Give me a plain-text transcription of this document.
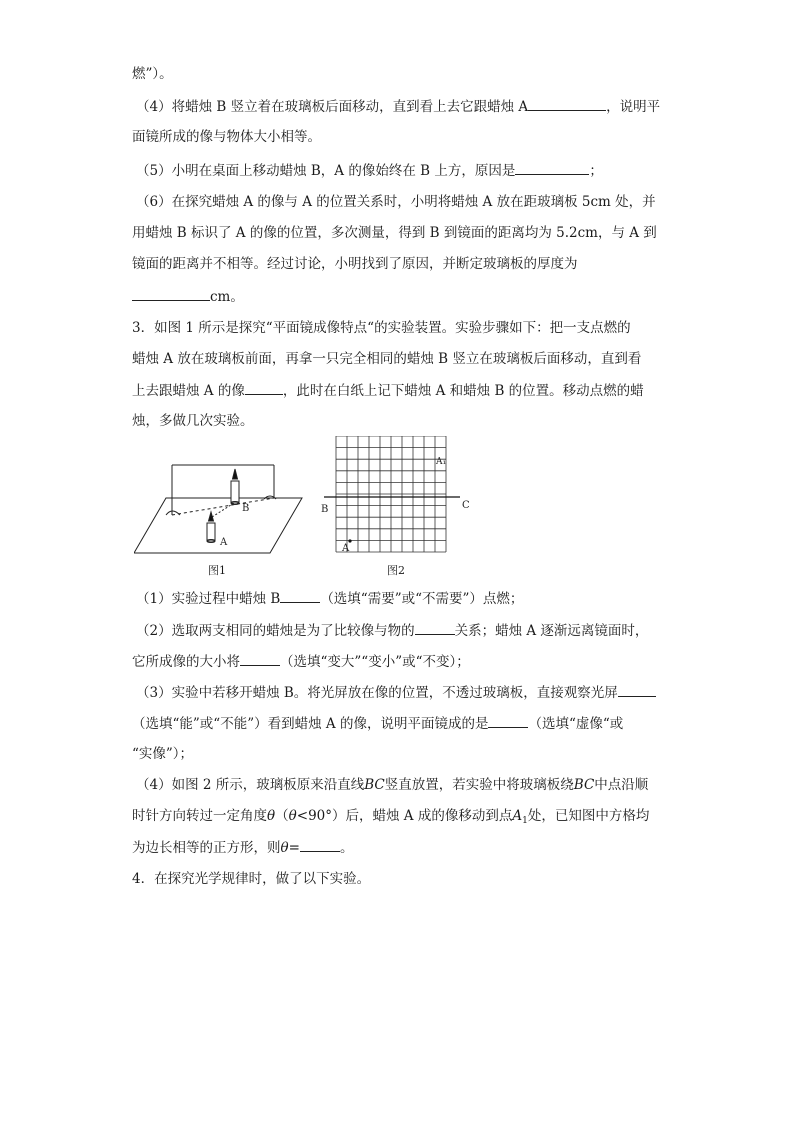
燃”）。
（4）将蜡烛 B 竖立着在玻璃板后面移动，直到看上去它跟蜡烛 A	，说明平
面镜所成的像与物体大小相等。
（5）小明在桌面上移动蜡烛 B，A 的像始终在 B 上方，原因是	；
（6）在探究蜡烛 A 的像与 A 的位置关系时，小明将蜡烛 A 放在距玻璃板 5cm 处，并
用蜡烛 B 标识了 A 的像的位置，多次测量，得到 B 到镜面的距离均为 5.2cm，与 A 到
镜面的距离并不相等。经过讨论，小明找到了原因，并断定玻璃板的厚度为
cm。
3．如图 1 所示是探究“平面镜成像特点“的实验装置。实验步骤如下：把一支点燃的
蜡烛 A 放在玻璃板前面，再拿一只完全相同的蜡烛 B 竖立在玻璃板后面移动，直到看
上去跟蜡烛 A 的像	，此时在白纸上记下蜡烛 A 和蜡烛 B 的位置。移动点燃的蜡
烛，多做几次实验。
B
A
图1
B	C
A
A₁
图2
（1）实验过程中蜡烛 B	（选填“需要”或“不需要”）点燃；
（2）选取两支相同的蜡烛是为了比较像与物的	关系；蜡烛 A 逐渐远离镜面时，
它所成像的大小将	（选填“变大”“变小”或“不变）；
（3）实验中若移开蜡烛 B。将光屏放在像的位置，不透过玻璃板，直接观察光屏
（选填“能”或“不能”）看到蜡烛 A 的像，说明平面镜成的是	（选填“虚像“或
“实像”）；
（4）如图 2 所示，玻璃板原来沿直线BC竖直放置，若实验中将玻璃板绕BC中点沿顺
时针方向转过一定角度θ（θ<90°）后，蜡烛 A 成的像移动到点$A_1$处，已知图中方格均
为边长相等的正方形，则θ=	。
4．在探究光学规律时，做了以下实验。
